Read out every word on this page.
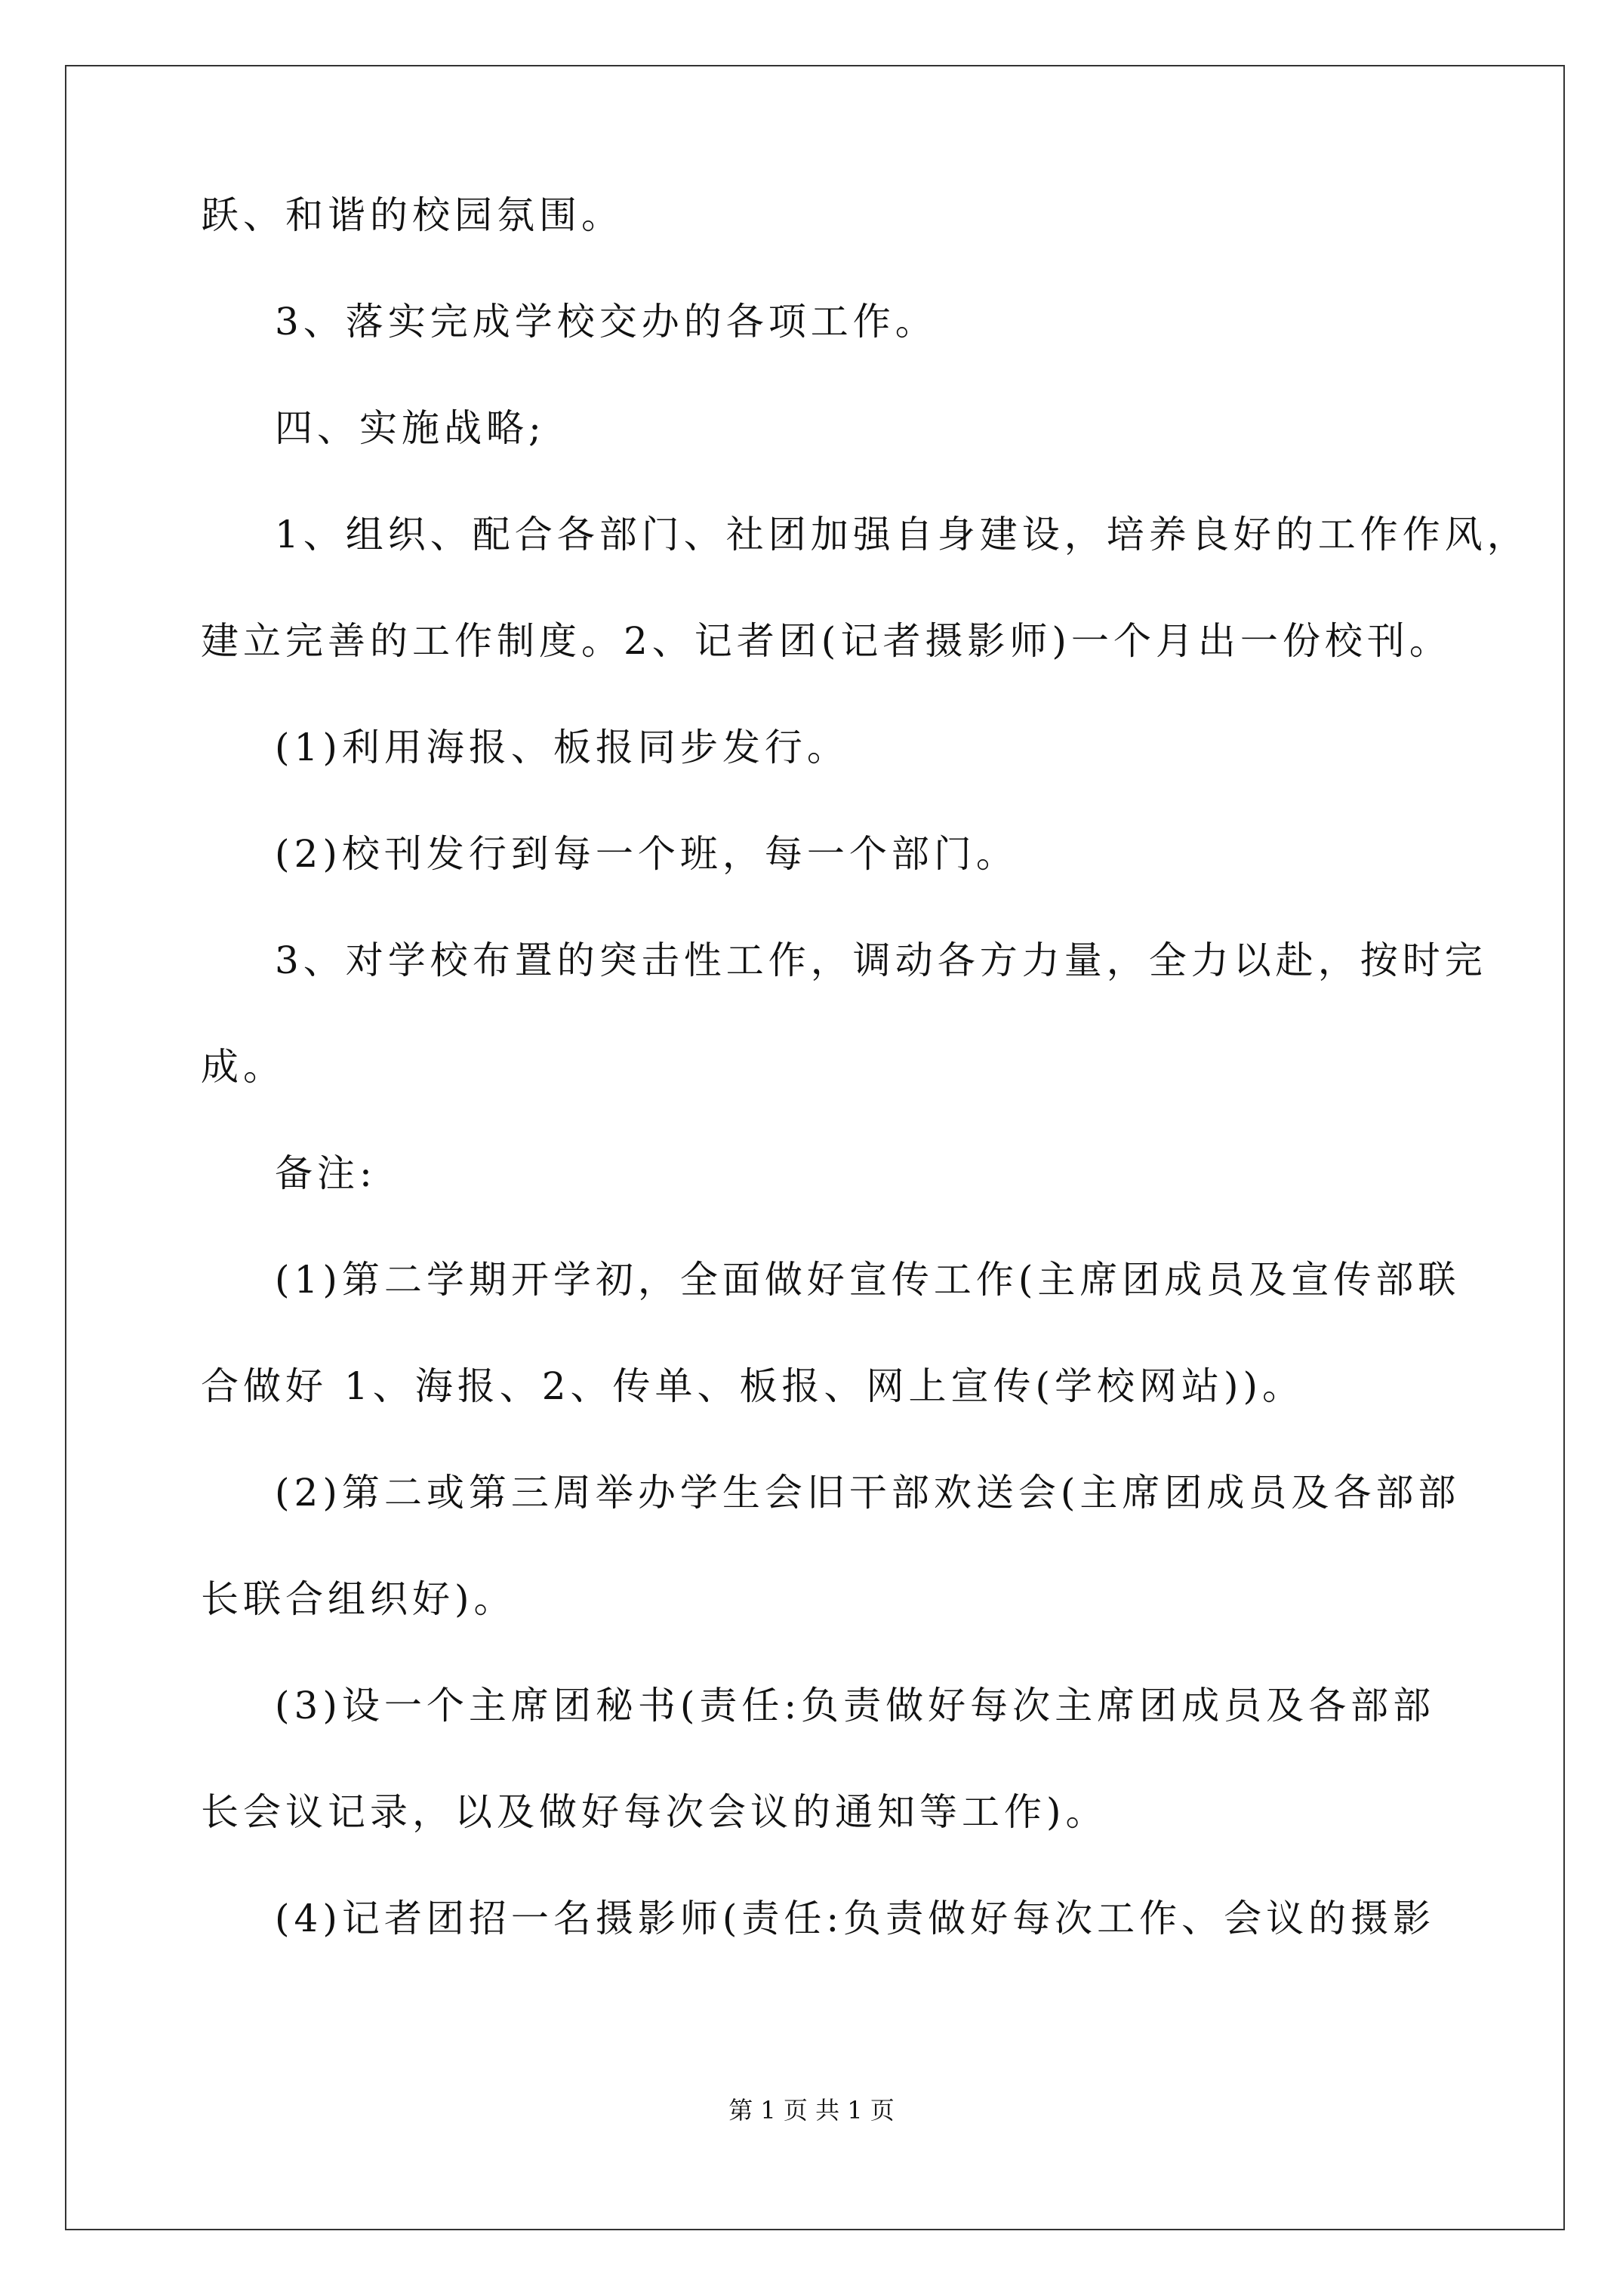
跃、和谐的校园氛围。
3、落实完成学校交办的各项工作。
四、实施战略;
1、组织、配合各部门、社团加强自身建设，培养良好的工作作风，
建立完善的工作制度。2、记者团(记者摄影师)一个月出一份校刊。
(1)利用海报、板报同步发行。
(2)校刊发行到每一个班，每一个部门。
3、对学校布置的突击性工作，调动各方力量，全力以赴，按时完
成。
备注:
(1)第二学期开学初，全面做好宣传工作(主席团成员及宣传部联
合做好 1、海报、2、传单、板报、网上宣传(学校网站))。
(2)第二或第三周举办学生会旧干部欢送会(主席团成员及各部部
长联合组织好)。
(3)设一个主席团秘书(责任:负责做好每次主席团成员及各部部
长会议记录，以及做好每次会议的通知等工作)。
(4)记者团招一名摄影师(责任:负责做好每次工作、会议的摄影
第 1 页 共 1 页
